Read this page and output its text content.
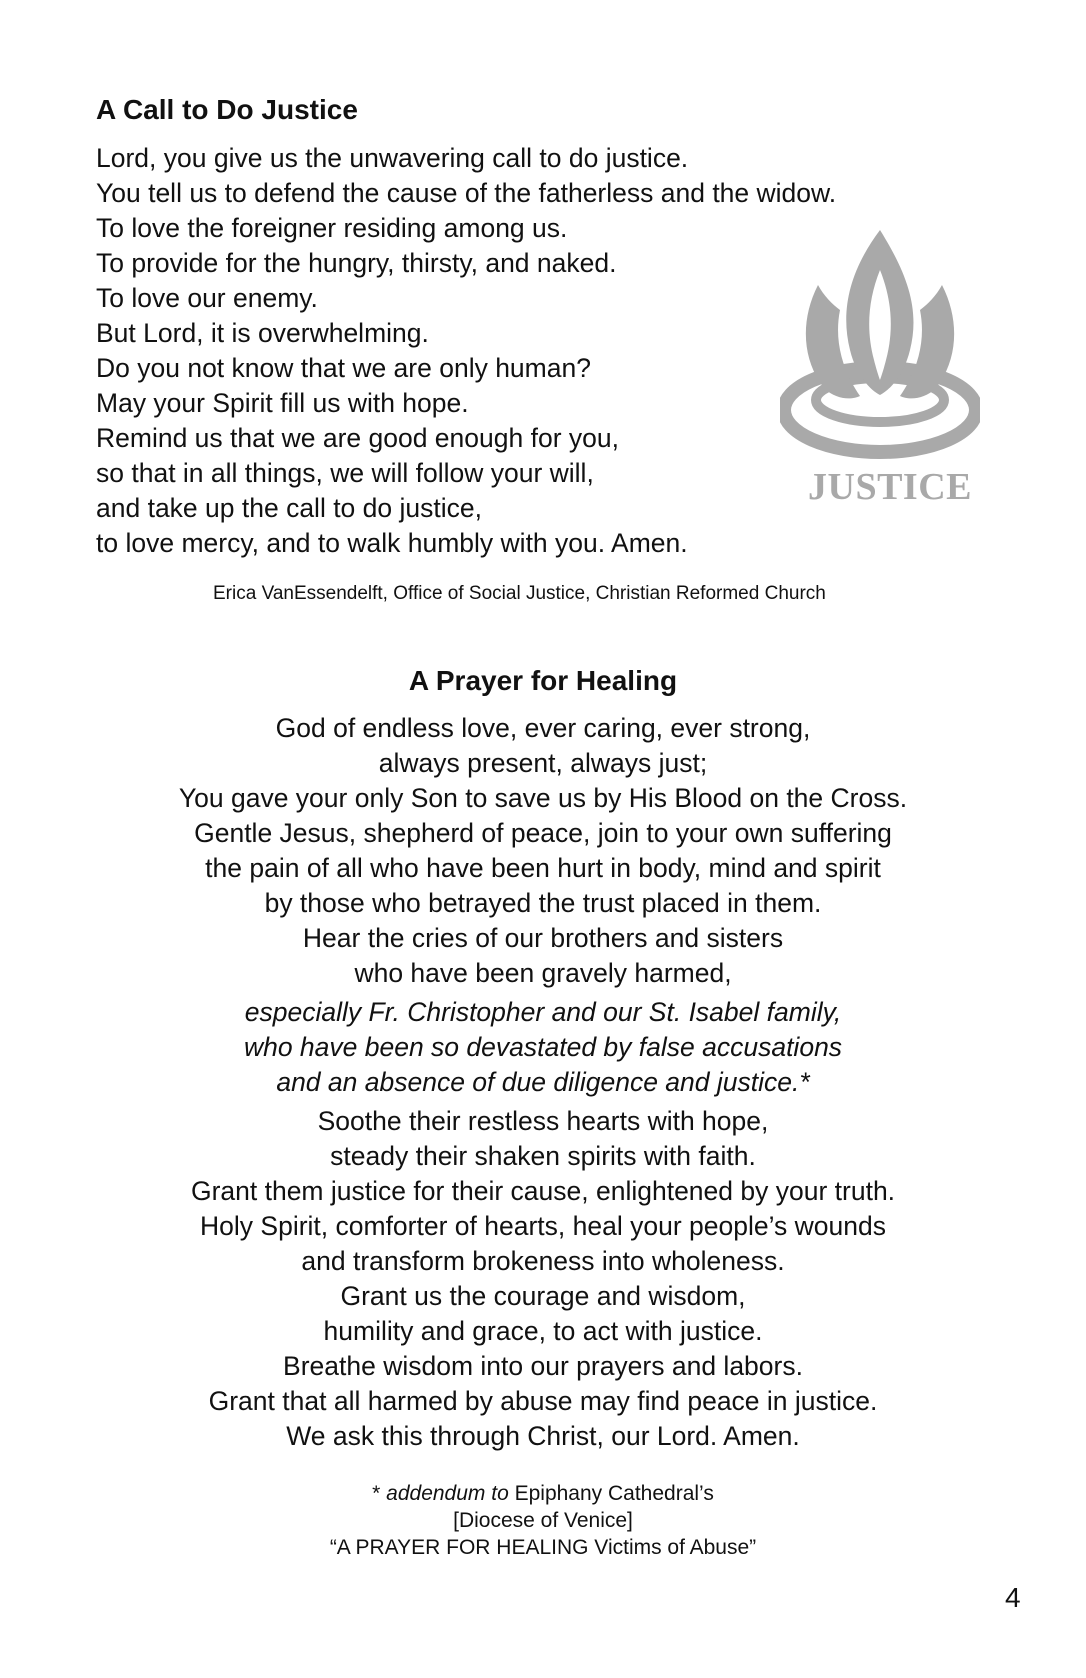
A Call to Do Justice
Lord, you give us the unwavering call to do justice.
You tell us to defend the cause of the fatherless and the widow.
To love the foreigner residing among us.
To provide for the hungry, thirsty, and naked.
To love our enemy.
But Lord, it is overwhelming.
Do you not know that we are only human?
May your Spirit fill us with hope.
Remind us that we are good enough for you,
so that in all things, we will follow your will,
and take up the call to do justice,
to love mercy, and to walk humbly with you. Amen.
JUSTICE
Erica VanEssendelft, Office of Social Justice, Christian Reformed Church
A Prayer for Healing
God of endless love, ever caring, ever strong,
always present, always just;
You gave your only Son to save us by His Blood on the Cross.
Gentle Jesus, shepherd of peace, join to your own suffering
the pain of all who have been hurt in body, mind and spirit
by those who betrayed the trust placed in them.
Hear the cries of our brothers and sisters
who have been gravely harmed,
especially Fr. Christopher and our St. Isabel family,
who have been so devastated by false accusations
and an absence of due diligence and justice.*
Soothe their restless hearts with hope,
steady their shaken spirits with faith.
Grant them justice for their cause, enlightened by your truth.
Holy Spirit, comforter of hearts, heal your people’s wounds
and transform brokeness into wholeness.
Grant us the courage and wisdom,
humility and grace, to act with justice.
Breathe wisdom into our prayers and labors.
Grant that all harmed by abuse may find peace in justice.
We ask this through Christ, our Lord. Amen.
* addendum to Epiphany Cathedral’s
[Diocese of Venice]
“A PRAYER FOR HEALING Victims of Abuse”
4
